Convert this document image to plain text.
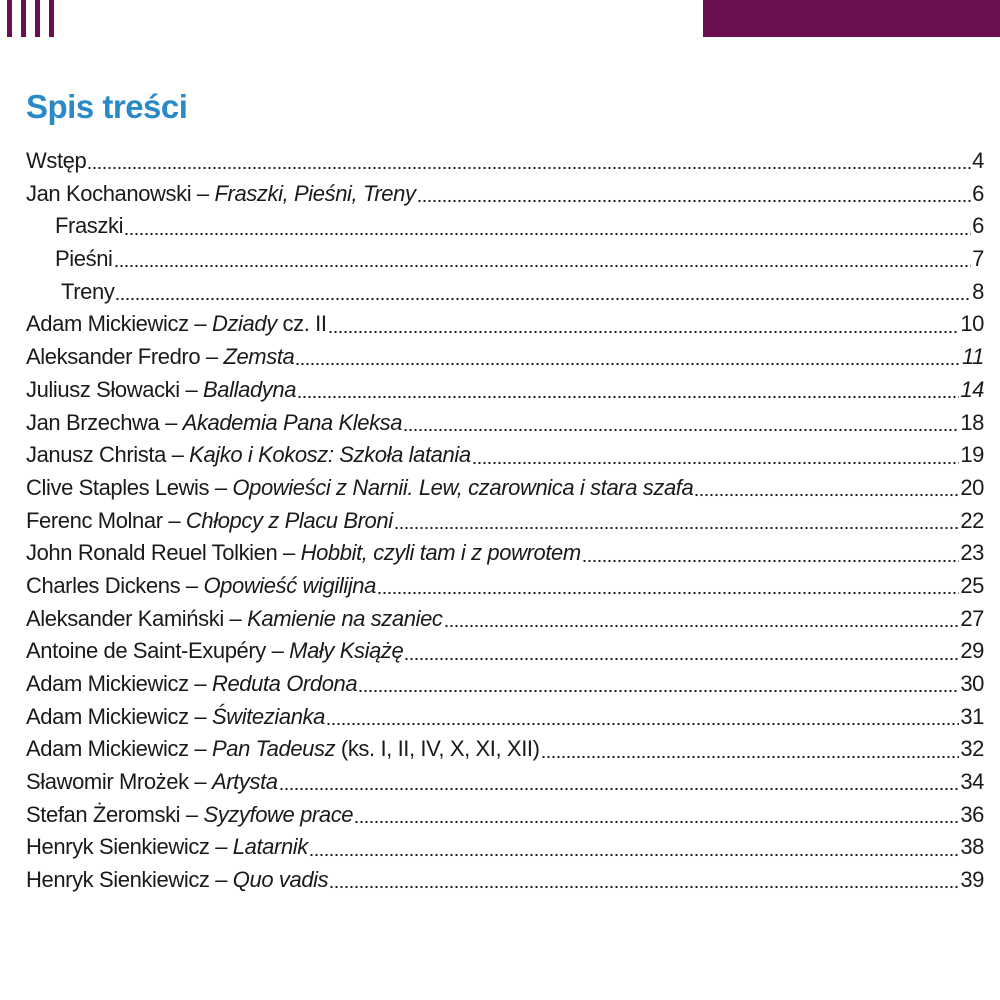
Spis treści
Wstęp	4
Jan Kochanowski – Fraszki, Pieśni, Treny	6
Fraszki	6
Pieśni	7
Treny	8
Adam Mickiewicz – Dziady cz. II	10
Aleksander Fredro – Zemsta	11
Juliusz Słowacki – Balladyna	14
Jan Brzechwa – Akademia Pana Kleksa	18
Janusz Christa – Kajko i Kokosz: Szkoła latania	19
Clive Staples Lewis – Opowieści z Narnii. Lew, czarownica i stara szafa	20
Ferenc Molnar – Chłopcy z Placu Broni	22
John Ronald Reuel Tolkien – Hobbit, czyli tam i z powrotem	23
Charles Dickens – Opowieść wigilijna	25
Aleksander Kamiński – Kamienie na szaniec	27
Antoine de Saint-Exupéry – Mały Książę	29
Adam Mickiewicz – Reduta Ordona	30
Adam Mickiewicz – Świtezianka	31
Adam Mickiewicz – Pan Tadeusz (ks. I, II, IV, X, XI, XII)	32
Sławomir Mrożek – Artysta	34
Stefan Żeromski – Syzyfowe prace	36
Henryk Sienkiewicz – Latarnik	38
Henryk Sienkiewicz – Quo vadis	39
